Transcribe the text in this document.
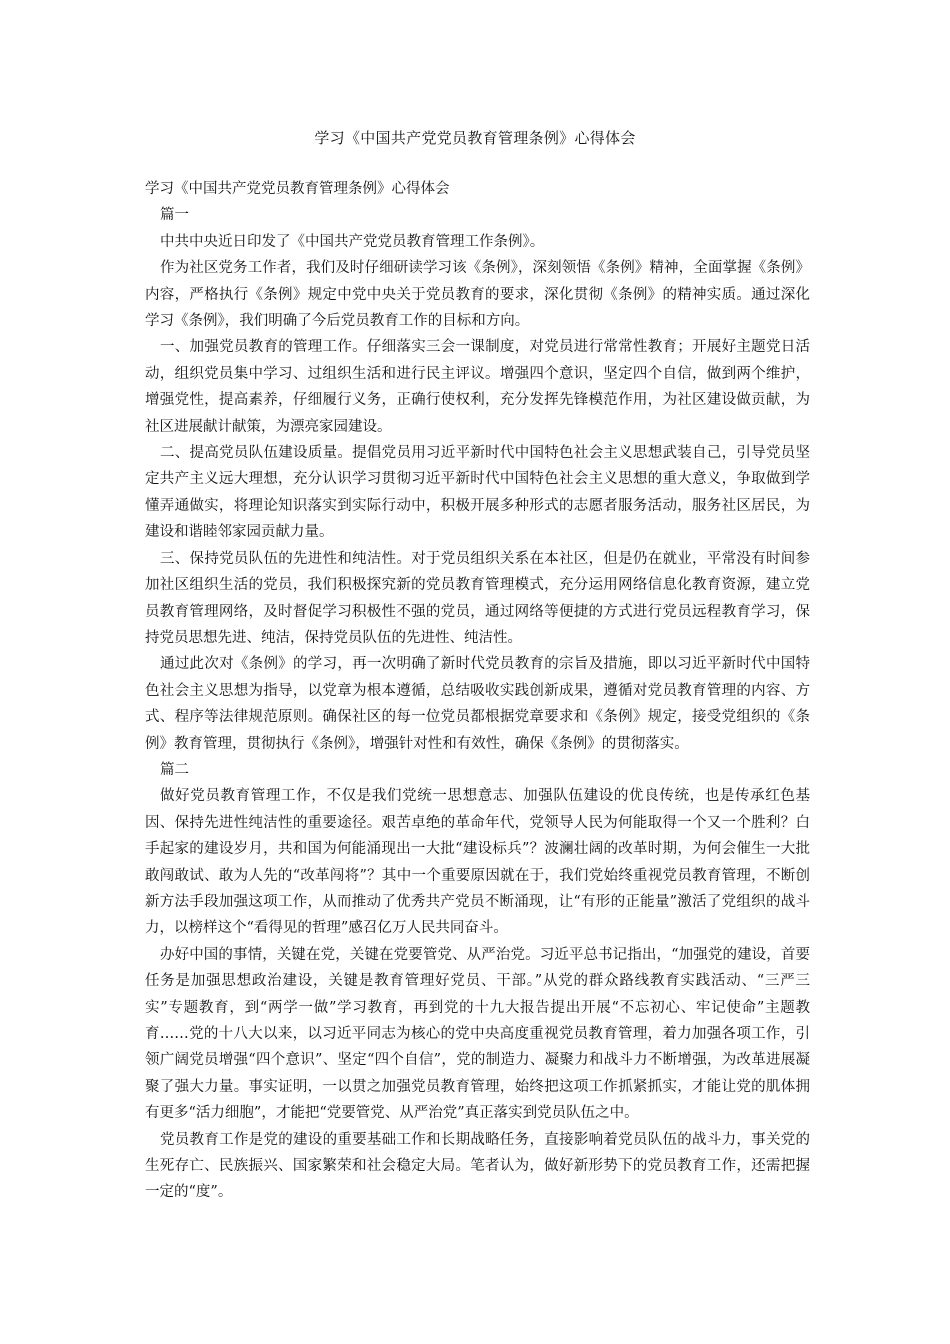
学习《中国共产党党员教育管理条例》心得体会

学习《中国共产党党员教育管理条例》心得体会

篇一

中共中央近日印发了《中国共产党党员教育管理工作条例》。

作为社区党务工作者，我们及时仔细研读学习该《条例》，深刻领悟《条例》精神，全面掌握《条例》内容，严格执行《条例》规定中党中央关于党员教育的要求，深化贯彻《条例》的精神实质。通过深化学习《条例》，我们明确了今后党员教育工作的目标和方向。

一、加强党员教育的管理工作。仔细落实三会一课制度，对党员进行常常性教育；开展好主题党日活动，组织党员集中学习、过组织生活和进行民主评议。增强四个意识，坚定四个自信，做到两个维护，增强党性，提高素养，仔细履行义务，正确行使权利，充分发挥先锋模范作用，为社区建设做贡献，为社区进展献计献策，为漂亮家园建设。

二、提高党员队伍建设质量。提倡党员用习近平新时代中国特色社会主义思想武装自己，引导党员坚定共产主义远大理想，充分认识学习贯彻习近平新时代中国特色社会主义思想的重大意义，争取做到学懂弄通做实，将理论知识落实到实际行动中，积极开展多种形式的志愿者服务活动，服务社区居民，为建设和谐睦邻家园贡献力量。

三、保持党员队伍的先进性和纯洁性。对于党员组织关系在本社区，但是仍在就业，平常没有时间参加社区组织生活的党员，我们积极探究新的党员教育管理模式，充分运用网络信息化教育资源，建立党员教育管理网络，及时督促学习积极性不强的党员，通过网络等便捷的方式进行党员远程教育学习，保持党员思想先进、纯洁，保持党员队伍的先进性、纯洁性。

通过此次对《条例》的学习，再一次明确了新时代党员教育的宗旨及措施，即以习近平新时代中国特色社会主义思想为指导，以党章为根本遵循，总结吸收实践创新成果，遵循对党员教育管理的内容、方式、程序等法律规范原则。确保社区的每一位党员都根据党章要求和《条例》规定，接受党组织的《条例》教育管理，贯彻执行《条例》，增强针对性和有效性，确保《条例》的贯彻落实。

篇二

做好党员教育管理工作，不仅是我们党统一思想意志、加强队伍建设的优良传统，也是传承红色基因、保持先进性纯洁性的重要途径。艰苦卓绝的革命年代，党领导人民为何能取得一个又一个胜利？白手起家的建设岁月，共和国为何能涌现出一大批“建设标兵”？波澜壮阔的改革时期，为何会催生一大批敢闯敢试、敢为人先的“改革闯将”？其中一个重要原因就在于，我们党始终重视党员教育管理，不断创新方法手段加强这项工作，从而推动了优秀共产党员不断涌现，让“有形的正能量”激活了党组织的战斗力，以榜样这个“看得见的哲理”感召亿万人民共同奋斗。

办好中国的事情，关键在党，关键在党要管党、从严治党。习近平总书记指出，“加强党的建设，首要任务是加强思想政治建设，关键是教育管理好党员、干部。”从党的群众路线教育实践活动、“三严三实”专题教育，到“两学一做”学习教育，再到党的十九大报告提出开展“不忘初心、牢记使命”主题教育……党的十八大以来，以习近平同志为核心的党中央高度重视党员教育管理，着力加强各项工作，引领广阔党员增强“四个意识”、坚定“四个自信”，党的制造力、凝聚力和战斗力不断增强，为改革进展凝聚了强大力量。事实证明，一以贯之加强党员教育管理，始终把这项工作抓紧抓实，才能让党的肌体拥有更多“活力细胞”，才能把“党要管党、从严治党”真正落实到党员队伍之中。

党员教育工作是党的建设的重要基础工作和长期战略任务，直接影响着党员队伍的战斗力，事关党的生死存亡、民族振兴、国家繁荣和社会稳定大局。笔者认为，做好新形势下的党员教育工作，还需把握一定的“度”。
